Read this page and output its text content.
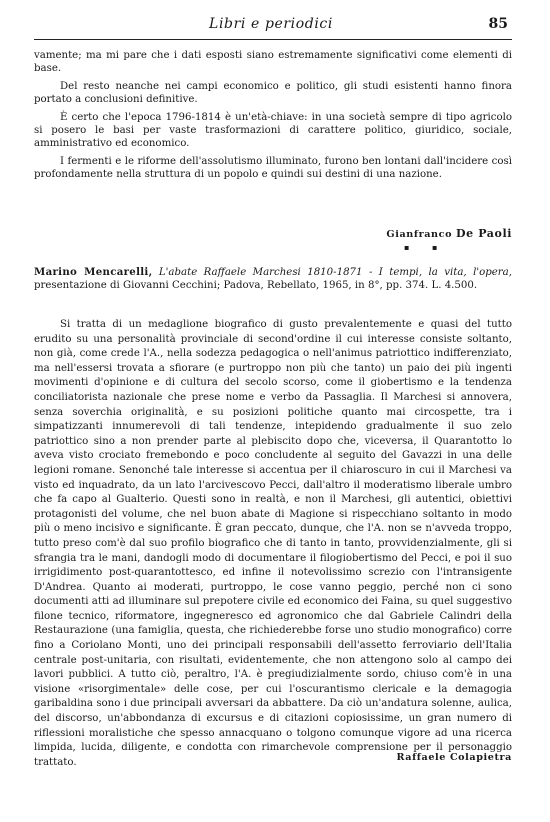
Libri e periodici	85

vamente; ma mi pare che i dati esposti siano estremamente significativi come elementi di base.

Del resto neanche nei campi economico e politico, gli studi esistenti hanno finora portato a conclusioni definitive.

È certo che l'epoca 1796-1814 è un'età-chiave: in una società sempre di tipo agricolo si posero le basi per vaste trasformazioni di carattere politico, giuridico, sociale, amministrativo ed economico.

I fermenti e le riforme dell'assolutismo illuminato, furono ben lontani dall'incidere così profondamente nella struttura di un popolo e quindi sui destini di una nazione.

Gianfranco De Paoli
▪ ▪
Marino Mencarelli, L'abate Raffaele Marchesi 1810-1871 - I tempi, la vita, l'opera, presentazione di Giovanni Cecchini; Padova, Rebellato, 1965, in 8°, pp. 374. L. 4.500.

Si tratta di un medaglione biografico di gusto prevalentemente e quasi del tutto erudito su una personalità provinciale di second'ordine il cui interesse consiste soltanto, non già, come crede l'A., nella sodezza pedagogica o nell'animus patriottico indifferenziato, ma nell'essersi trovata a sfiorare (e purtroppo non più che tanto) un paio dei più ingenti movimenti d'opinione e di cultura del secolo scorso, come il giobertismo e la tendenza conciliatorista nazionale che prese nome e verbo da Passaglia. Il Marchesi si annovera, senza soverchia originalità, e su posizioni politiche quanto mai circospette, tra i simpatizzanti innumerevoli di tali tendenze, intepidendo gradualmente il suo zelo patriottico sino a non prender parte al plebiscito dopo che, viceversa, il Quarantotto lo aveva visto crociato fremebondo e poco concludente al seguito del Gavazzi in una delle legioni romane. Senonché tale interesse si accentua per il chiaroscuro in cui il Marchesi va visto ed inquadrato, da un lato l'arcivescovo Pecci, dall'altro il moderatismo liberale umbro che fa capo al Gualterio. Questi sono in realtà, e non il Marchesi, gli autentici, obiettivi protagonisti del volume, che nel buon abate di Magione si rispecchiano soltanto in modo più o meno incisivo e significante. È gran peccato, dunque, che l'A. non se n'avveda troppo, tutto preso com'è dal suo profilo biografico che di tanto in tanto, provvidenzialmente, gli si sfrangia tra le mani, dandogli modo di documentare il filogiobertismo del Pecci, e poi il suo irrigidimento post-quarantottesco, ed infine il notevolissimo screzio con l'intransigente D'Andrea. Quanto ai moderati, purtroppo, le cose vanno peggio, perché non ci sono documenti atti ad illuminare sul prepotere civile ed economico dei Faina, su quel suggestivo filone tecnico, riformatore, ingegneresco ed agronomico che dal Gabriele Calindri della Restaurazione (una famiglia, questa, che richiederebbe forse uno studio monografico) corre fino a Coriolano Monti, uno dei principali responsabili dell'assetto ferroviario dell'Italia centrale post-unitaria, con risultati, evidentemente, che non attengono solo al campo dei lavori pubblici. A tutto ciò, peraltro, l'A. è pregiudizialmente sordo, chiuso com'è in una visione «risorgimentale» delle cose, per cui l'oscurantismo clericale e la demagogia garibaldina sono i due principali avversari da abbattere. Da ciò un'andatura solenne, aulica, del discorso, un'abbondanza di excursus e di citazioni copiosissime, un gran numero di riflessioni moralistiche che spesso annacquano o tolgono comunque vigore ad una ricerca limpida, lucida, diligente, e condotta con rimarchevole comprensione per il personaggio trattato.	Raffaele Colapietra
